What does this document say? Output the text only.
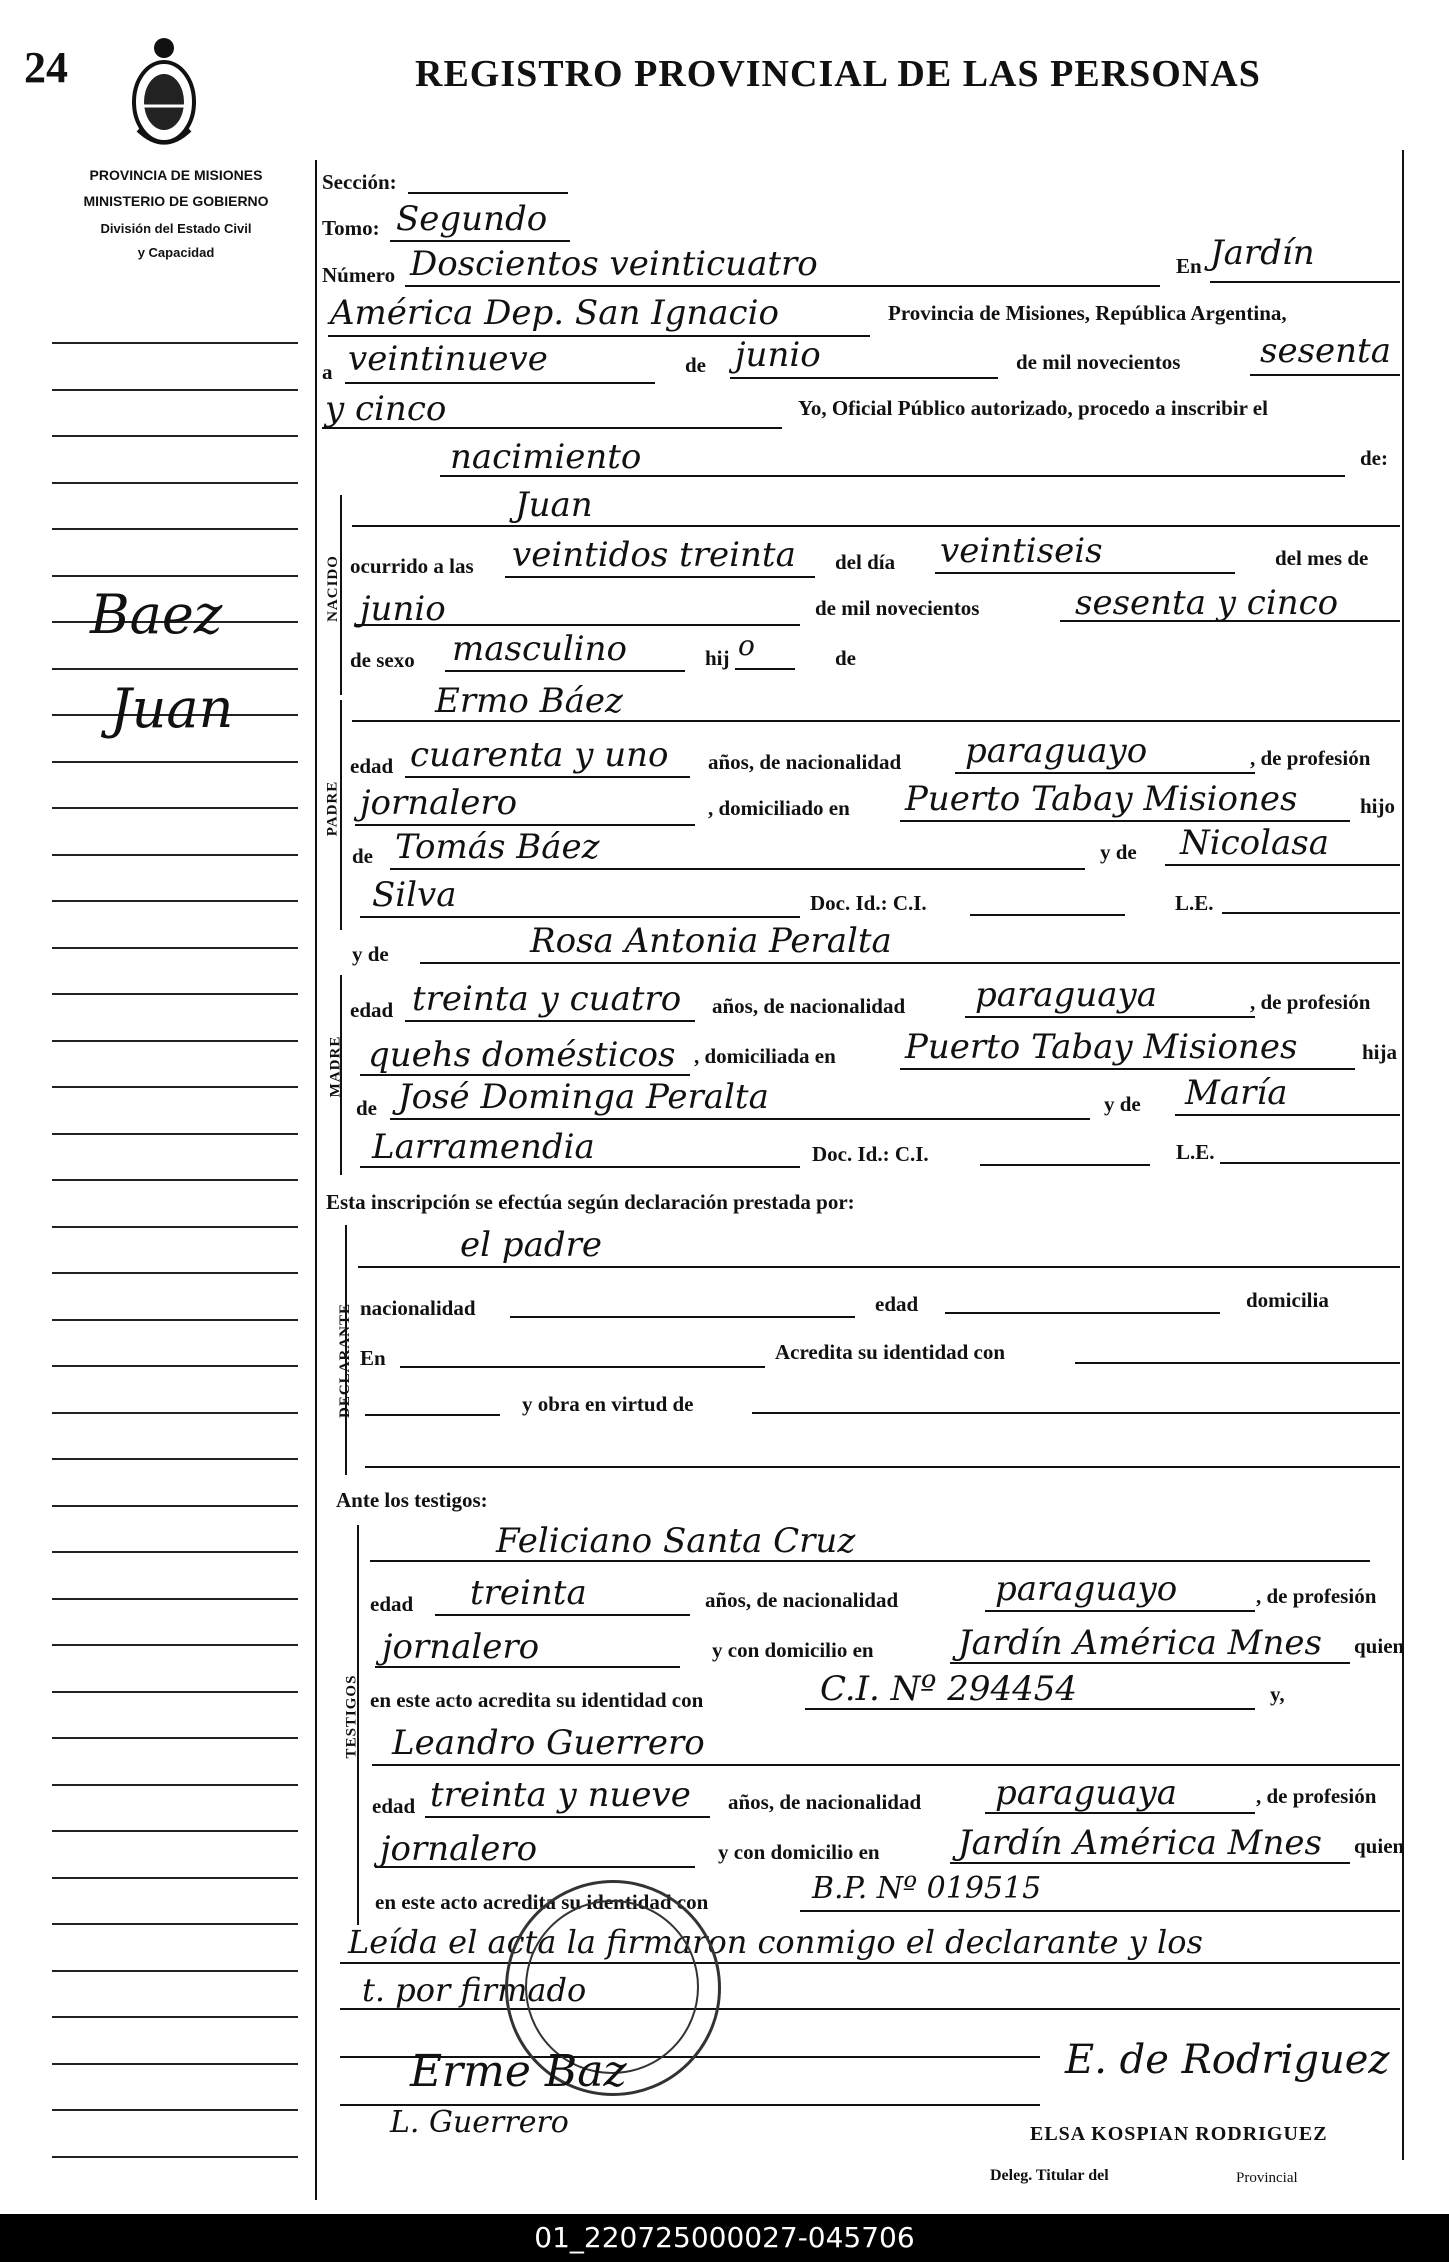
24	REGISTRO PROVINCIAL DE LAS PERSONAS
PROVINCIA DE MISIONES
MINISTERIO DE GOBIERNO
División del Estado Civil
y Capacidad
Baez
Juan
Sección:
Tomo: Segundo
Número Doscientos veinticuatro	En Jardín
América Dep. San Ignacio	Provincia de Misiones, República Argentina,
a veintinueve	de junio	de mil novecientos sesenta
y cinco	Yo, Oficial Público autorizado, procedo a inscribir el
nacimiento	de:
NACIDO
Juan
ocurrido a las veintidos treinta del día veintiseis	del mes de
junio	de mil novecientos	sesenta y cinco
de sexo masculino	hij o	de
PADRE
Ermo Báez
edad cuarenta y uno años, de nacionalidad paraguayo	, de profesión
jornalero	, domiciliado en Puerto Tabay Misiones	hijo
de Tomás Báez	y de Nicolasa
Silva	Doc. Id.: C.I.	L.E.
y de	Rosa Antonia Peralta
MADRE
edad treinta y cuatro años, de nacionalidad paraguaya	, de profesión
quehs domésticos , domiciliada en Puerto Tabay Misiones	hija
de José Dominga Peralta	y de María
Larramendia	Doc. Id.: C.I.	L.E.
Esta inscripción se efectúa según declaración prestada por:
DECLARANTE
el padre
nacionalidad	edad	domicilia
En	Acredita su identidad con
y obra en virtud de
Ante los testigos:
TESTIGOS
Feliciano Santa Cruz
edad treinta	años, de nacionalidad	paraguayo	, de profesión
jornalero	y con domicilio en Jardín América Mnes quien
en este acto acredita su identidad con	C.I. Nº 294454	y,
Leandro Guerrero
edad treinta y nueve años, de nacionalidad paraguaya	, de profesión
jornalero	y con domicilio en Jardín América Mnes quien
en este acto acredita su identidad con	B.P. Nº 019515
Leída el acta la firmaron conmigo el declarante y los
t. por firmado
Erme Baz
L. Guerrero
E. de Rodriguez
ELSA KOSPIAN RODRIGUEZ
Deleg. Titular del	Provincial
01_220725000027-045706
